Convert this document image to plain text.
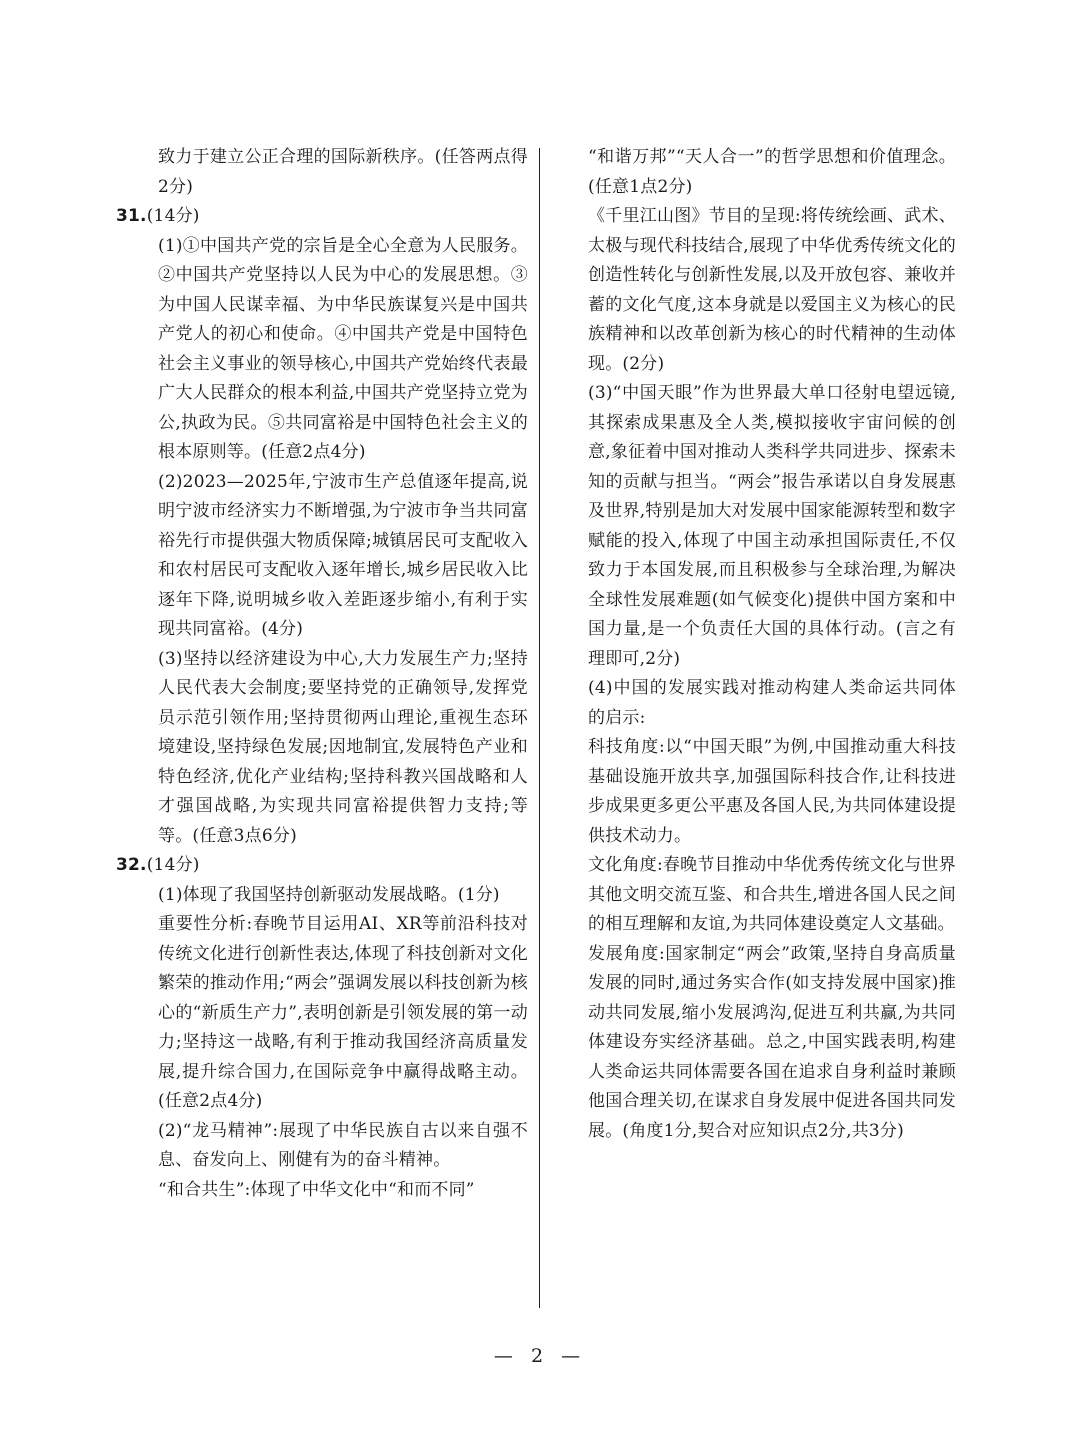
致力于建立公正合理的国际新秩序。(任答两点得2分)

31.(14分)

(1)①中国共产党的宗旨是全心全意为人民服务。②中国共产党坚持以人民为中心的发展思想。③为中国人民谋幸福、为中华民族谋复兴是中国共产党人的初心和使命。④中国共产党是中国特色社会主义事业的领导核心,中国共产党始终代表最广大人民群众的根本利益,中国共产党坚持立党为公,执政为民。⑤共同富裕是中国特色社会主义的根本原则等。(任意2点4分)

(2)2023—2025年,宁波市生产总值逐年提高,说明宁波市经济实力不断增强,为宁波市争当共同富裕先行市提供强大物质保障;城镇居民可支配收入和农村居民可支配收入逐年增长,城乡居民收入比逐年下降,说明城乡收入差距逐步缩小,有利于实现共同富裕。(4分)

(3)坚持以经济建设为中心,大力发展生产力;坚持人民代表大会制度;要坚持党的正确领导,发挥党员示范引领作用;坚持贯彻两山理论,重视生态环境建设,坚持绿色发展;因地制宜,发展特色产业和特色经济,优化产业结构;坚持科教兴国战略和人才强国战略,为实现共同富裕提供智力支持;等等。(任意3点6分)

32.(14分)

(1)体现了我国坚持创新驱动发展战略。(1分)

重要性分析:春晚节目运用AI、XR等前沿科技对传统文化进行创新性表达,体现了科技创新对文化繁荣的推动作用;“两会”强调发展以科技创新为核心的“新质生产力”,表明创新是引领发展的第一动力;坚持这一战略,有利于推动我国经济高质量发展,提升综合国力,在国际竞争中赢得战略主动。(任意2点4分)

(2)“龙马精神”:展现了中华民族自古以来自强不息、奋发向上、刚健有为的奋斗精神。

“和合共生”:体现了中华文化中“和而不同”

“和谐万邦”“天人合一”的哲学思想和价值理念。(任意1点2分)

《千里江山图》节目的呈现:将传统绘画、武术、太极与现代科技结合,展现了中华优秀传统文化的创造性转化与创新性发展,以及开放包容、兼收并蓄的文化气度,这本身就是以爱国主义为核心的民族精神和以改革创新为核心的时代精神的生动体现。(2分)

(3)“中国天眼”作为世界最大单口径射电望远镜,其探索成果惠及全人类,模拟接收宇宙问候的创意,象征着中国对推动人类科学共同进步、探索未知的贡献与担当。“两会”报告承诺以自身发展惠及世界,特别是加大对发展中国家能源转型和数字赋能的投入,体现了中国主动承担国际责任,不仅致力于本国发展,而且积极参与全球治理,为解决全球性发展难题(如气候变化)提供中国方案和中国力量,是一个负责任大国的具体行动。(言之有理即可,2分)

(4)中国的发展实践对推动构建人类命运共同体的启示:

科技角度:以“中国天眼”为例,中国推动重大科技基础设施开放共享,加强国际科技合作,让科技进步成果更多更公平惠及各国人民,为共同体建设提供技术动力。

文化角度:春晚节目推动中华优秀传统文化与世界其他文明交流互鉴、和合共生,增进各国人民之间的相互理解和友谊,为共同体建设奠定人文基础。

发展角度:国家制定“两会”政策,坚持自身高质量发展的同时,通过务实合作(如支持发展中国家)推动共同发展,缩小发展鸿沟,促进互利共赢,为共同体建设夯实经济基础。总之,中国实践表明,构建人类命运共同体需要各国在追求自身利益时兼顾他国合理关切,在谋求自身发展中促进各国共同发展。(角度1分,契合对应知识点2分,共3分)

— 2 —
